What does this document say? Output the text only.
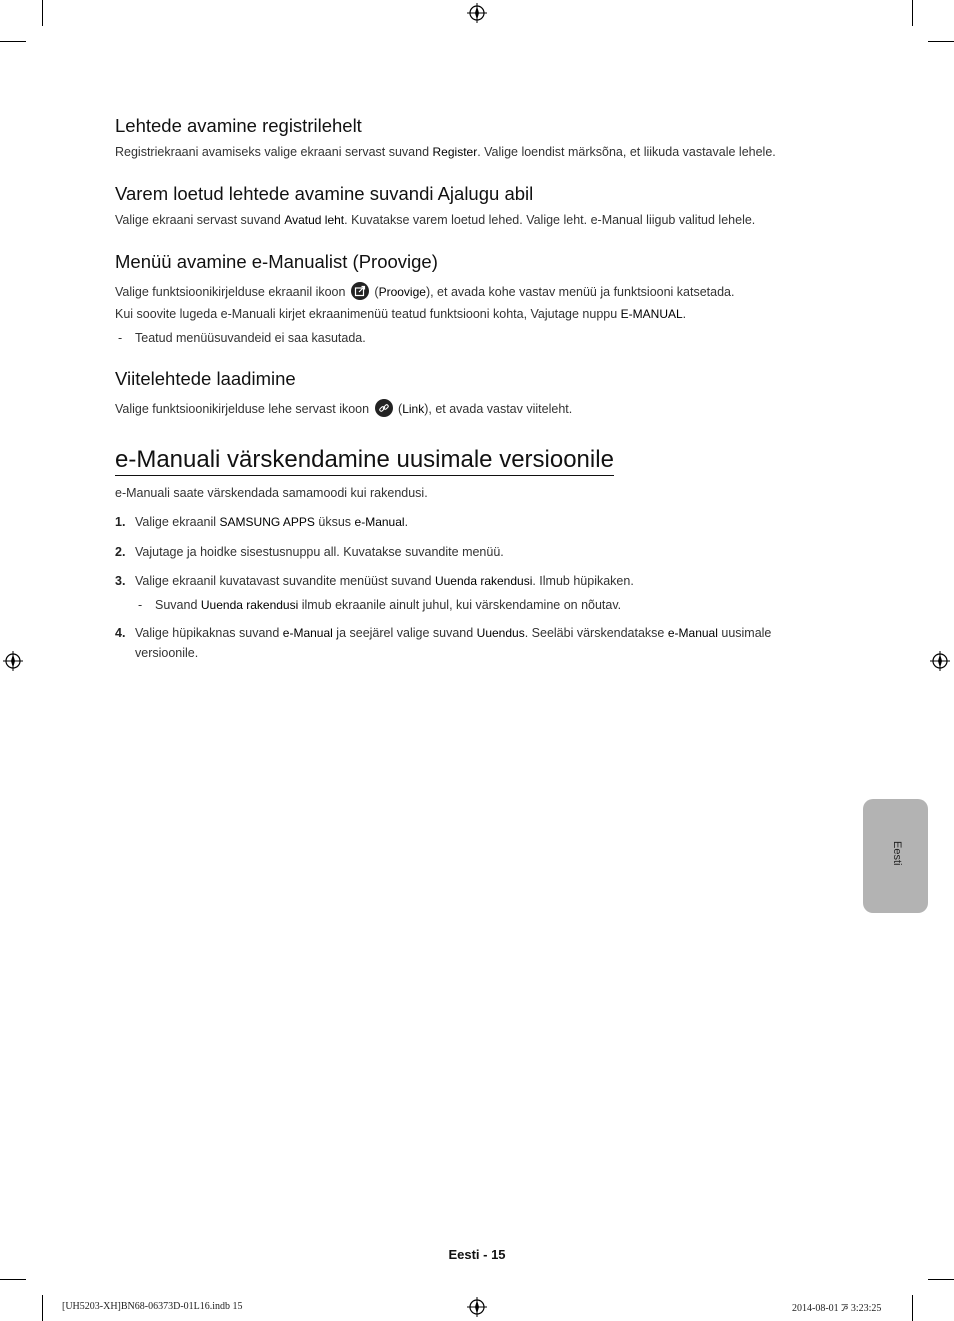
Lehtede avamine registrilehelt

Registriekraani avamiseks valige ekraani servast suvand Register. Valige loendist märksõna, et liikuda vastavale lehele.

Varem loetud lehtede avamine suvandi Ajalugu abil

Valige ekraani servast suvand Avatud leht. Kuvatakse varem loetud lehed. Valige leht. e-Manual liigub valitud lehele.

Menüü avamine e-Manualist (Proovige)

Valige funktsioonikirjelduse ekraanil ikoon
(Proovige), et avada kohe vastav menüü ja funktsiooni katsetada.

Kui soovite lugeda e-Manuali kirjet ekraanimenüü teatud funktsiooni kohta, Vajutage nuppu E-MANUAL.

- Teatud menüüsuvandeid ei saa kasutada.
Viitelehtede laadimine

Valige funktsioonikirjelduse lehe servast ikoon
(Link), et avada vastav viiteleht.

e-Manuali värskendamine uusimale versioonile

e-Manuali saate värskendada samamoodi kui rakendusi.

1. Valige ekraanil SAMSUNG APPS üksus e-Manual.
2. Vajutage ja hoidke sisestusnuppu all. Kuvatakse suvandite menüü.
3. Valige ekraanil kuvatavast suvandite menüüst suvand Uuenda rakendusi. Ilmub hüpikaken.
- Suvand Uuenda rakendusi ilmub ekraanile ainult juhul, kui värskendamine on nõutav.
4. Valige hüpikaknas suvand e-Manual ja seejärel valige suvand Uuendus. Seeläbi värskendatakse e-Manual uusimale
versioonile.
Eesti
Eesti - 15
[UH5203-XH]BN68-06373D-01L16.indb 15	2014-08-01 ꯍ 3:23:25
